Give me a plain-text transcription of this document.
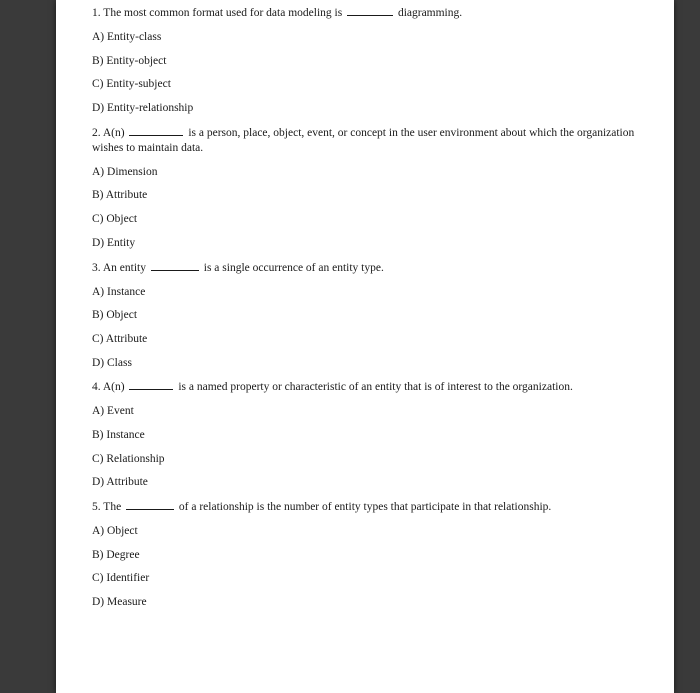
1. The most common format used for data modeling is	diagramming.
A) Entity-class
B) Entity-object
C) Entity-subject
D) Entity-relationship
2. A(n)	is a person, place, object, event, or concept in the user environment about which the organization wishes to maintain data.
A) Dimension
B) Attribute
C) Object
D) Entity
3. An entity	is a single occurrence of an entity type.
A) Instance
B) Object
C) Attribute
D) Class
4. A(n)	is a named property or characteristic of an entity that is of interest to the organization.
A) Event
B) Instance
C) Relationship
D) Attribute
5. The	of a relationship is the number of entity types that participate in that relationship.
A) Object
B) Degree
C) Identifier
D) Measure
